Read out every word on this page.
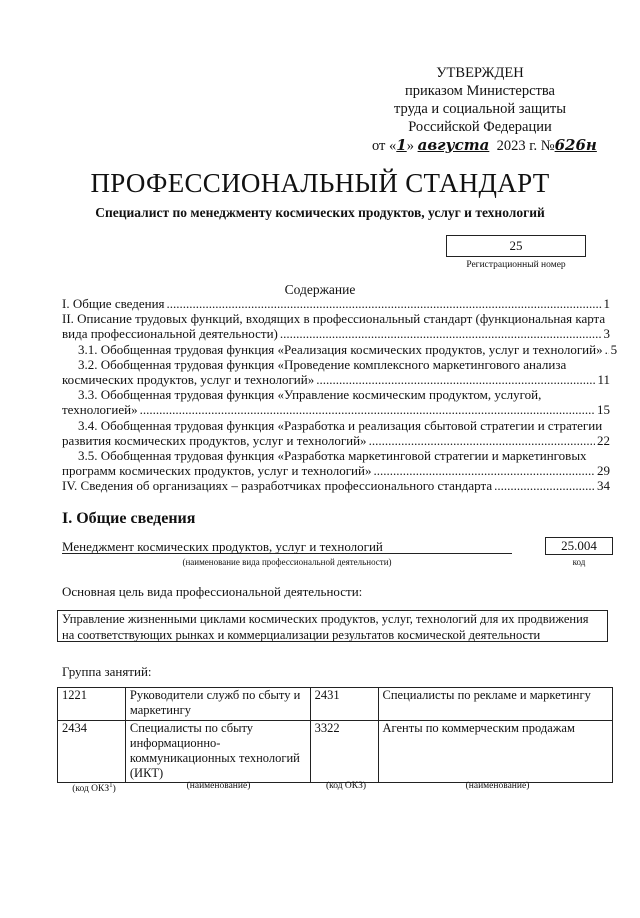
УТВЕРЖДЕН
приказом Министерства
труда и социальной защиты
Российской Федерации
от «1» августа 2023 г. №626н
ПРОФЕССИОНАЛЬНЫЙ СТАНДАРТ
Специалист по менеджменту космических продуктов, услуг и технологий
25
Регистрационный номер
Содержание
I. Общие сведения .....	1
II. Описание трудовых функций, входящих в профессиональный стандарт (функциональная карта
вида профессиональной деятельности) .....	3
3.1. Обобщенная трудовая функция «Реализация космических продуктов, услуг и технологий» ..... 5
3.2. Обобщенная трудовая функция «Проведение комплексного маркетингового анализа
космических продуктов, услуг и технологий» .....	11
3.3. Обобщенная трудовая функция «Управление космическим продуктом, услугой,
технологией» .....	15
3.4. Обобщенная трудовая функция «Разработка и реализация сбытовой стратегии и стратегии
развития космических продуктов, услуг и технологий» .....	22
3.5. Обобщенная трудовая функция «Разработка маркетинговой стратегии и маркетинговых
программ космических продуктов, услуг и технологий» .....	29
IV. Сведения об организациях – разработчиках профессионального стандарта .....	34
I. Общие сведения
Менеджмент космических продуктов, услуг и технологий
(наименование вида профессиональной деятельности)
25.004
код
Основная цель вида профессиональной деятельности:
Управление жизненными циклами космических продуктов, услуг, технологий для их продвижения
на соответствующих рынках и коммерциализации результатов космической деятельности
Группа занятий:
1221	Руководители служб по сбыту и маркетингу	2431	Специалисты по рекламе и маркетингу
2434	Специалисты по сбыту информационно-коммуникационных технологий (ИКТ)	3322	Агенты по коммерческим продажам
(код ОКЗ$^1$)	(наименование)	(код ОКЗ)	(наименование)
